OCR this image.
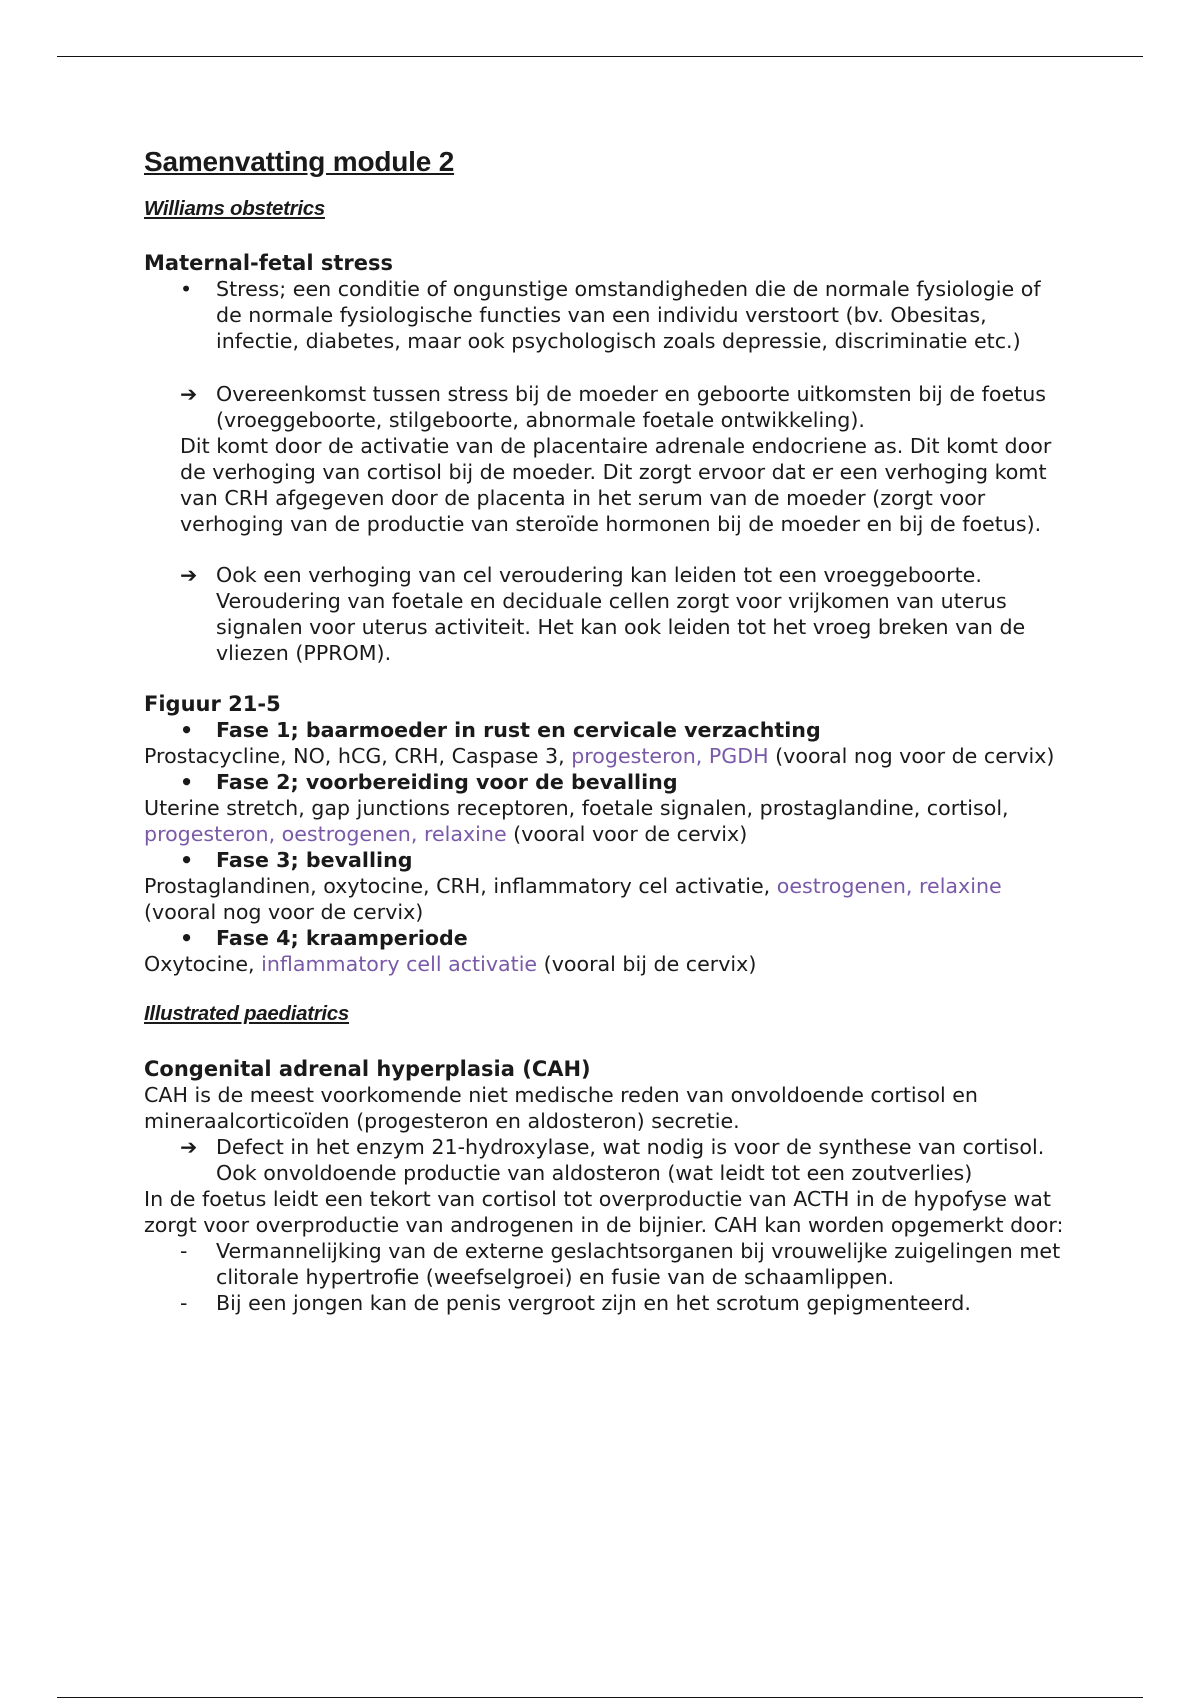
Samenvatting module 2

Williams obstetrics

Maternal-fetal stress

•	Stress; een conditie of ongunstige omstandigheden die de normale fysiologie of de normale fysiologische functies van een individu verstoort (bv. Obesitas, infectie, diabetes, maar ook psychologisch zoals depressie, discriminatie etc.)
➔ Overeenkomst tussen stress bij de moeder en geboorte uitkomsten bij de foetus (vroeggeboorte, stilgeboorte, abnormale foetale ontwikkeling).

Dit komt door de activatie van de placentaire adrenale endocriene as. Dit komt door de verhoging van cortisol bij de moeder. Dit zorgt ervoor dat er een verhoging komt van CRH afgegeven door de placenta in het serum van de moeder (zorgt voor verhoging van de productie van steroïde hormonen bij de moeder en bij de foetus).

➔ Ook een verhoging van cel veroudering kan leiden tot een vroeggeboorte. Veroudering van foetale en deciduale cellen zorgt voor vrijkomen van uterus signalen voor uterus activiteit. Het kan ook leiden tot het vroeg breken van de vliezen (PPROM).

Figuur 21-5

•	Fase 1; baarmoeder in rust en cervicale verzachting

Prostacycline, NO, hCG, CRH, Caspase 3, progesteron, PGDH (vooral nog voor de cervix)

•	Fase 2; voorbereiding voor de bevalling

Uterine stretch, gap junctions receptoren, foetale signalen, prostaglandine, cortisol, progesteron, oestrogenen, relaxine (vooral voor de cervix)

•	Fase 3; bevalling

Prostaglandinen, oxytocine, CRH, inflammatory cel activatie, oestrogenen, relaxine (vooral nog voor de cervix)

•	Fase 4; kraamperiode

Oxytocine, inflammatory cell activatie (vooral bij de cervix)

Illustrated paediatrics

Congenital adrenal hyperplasia (CAH)

CAH is de meest voorkomende niet medische reden van onvoldoende cortisol en mineraalcorticoïden (progesteron en aldosteron) secretie.

➔ Defect in het enzym 21-hydroxylase, wat nodig is voor de synthese van cortisol. Ook onvoldoende productie van aldosteron (wat leidt tot een zoutverlies)

In de foetus leidt een tekort van cortisol tot overproductie van ACTH in de hypofyse wat zorgt voor overproductie van androgenen in de bijnier. CAH kan worden opgemerkt door:

-	Vermannelijking van de externe geslachtsorganen bij vrouwelijke zuigelingen met clitorale hypertrofie (weefselgroei) en fusie van de schaamlippen.
-	Bij een jongen kan de penis vergroot zijn en het scrotum gepigmenteerd.
